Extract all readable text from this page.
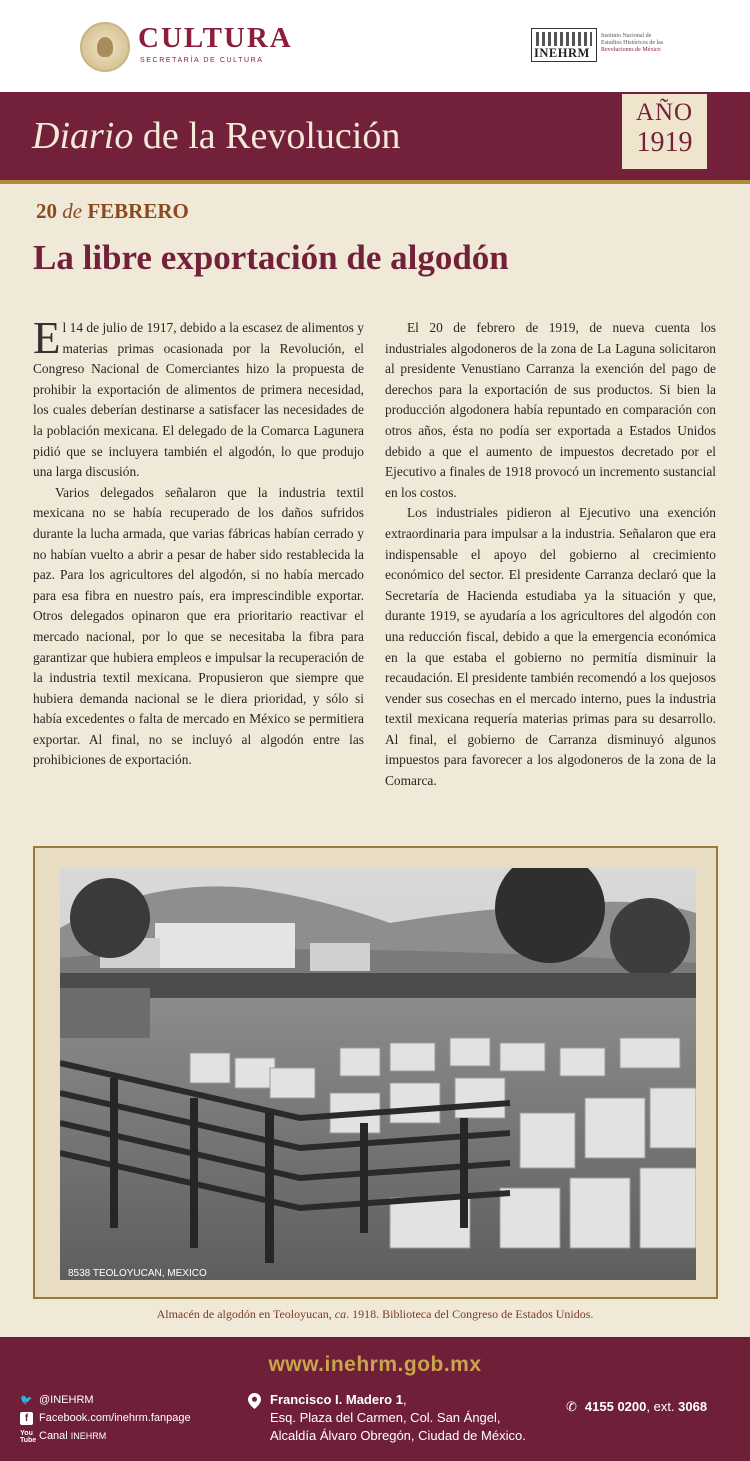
CULTURA
SECRETARÍA DE CULTURA
INEHRM
Instituto Nacional de
Estudios Históricos de las
Revoluciones de México
Diario de la Revolución
AÑO
1919
20 de FEBRERO
La libre exportación de algodón

El 14 de julio de 1917, debido a la escasez de alimentos y materias primas ocasionada por la Revolución, el Congreso Nacional de Comerciantes hizo la propuesta de prohibir la exportación de alimentos de primera necesidad, los cuales deberían destinarse a satisfacer las necesidades de la población mexicana. El delegado de la Comarca Lagunera pidió que se incluyera también el algodón, lo que produjo una larga discusión.

Varios delegados señalaron que la industria textil mexicana no se había recuperado de los daños sufridos durante la lucha armada, que varias fábricas habían cerrado y no habían vuelto a abrir a pesar de haber sido restablecida la paz. Para los agricultores del algodón, si no había mercado para esa fibra en nuestro país, era imprescindible exportar. Otros delegados opinaron que era prioritario reactivar el mercado nacional, por lo que se necesitaba la fibra para garantizar que hubiera empleos e impulsar la recuperación de la industria textil mexicana. Propusieron que siempre que hubiera demanda nacional se le diera prioridad, y sólo si había excedentes o falta de mercado en México se permitiera exportar. Al final, no se incluyó al algodón entre las prohibiciones de exportación.

El 20 de febrero de 1919, de nueva cuenta los industriales algodoneros de la zona de La Laguna solicitaron al presidente Venustiano Carranza la exención del pago de derechos para la exportación de sus productos. Si bien la producción algodonera había repuntado en comparación con otros años, ésta no podía ser exportada a Estados Unidos debido a que el aumento de impuestos decretado por el Ejecutivo a finales de 1918 provocó un incremento sustancial en los costos.

Los industriales pidieron al Ejecutivo una exención extraordinaria para impulsar a la industria. Señalaron que era indispensable el apoyo del gobierno al crecimiento económico del sector. El presidente Carranza declaró que la Secretaría de Hacienda estudiaba ya la situación y que, durante 1919, se ayudaría a los agricultores del algodón con una reducción fiscal, debido a que la emergencia económica en la que estaba el gobierno no permitía disminuir la recaudación. El presidente también recomendó a los quejosos vender sus cosechas en el mercado interno, pues la industria textil mexicana requería materias primas para su desarrollo. Al final, el gobierno de Carranza disminuyó algunos impuestos para favorecer a los algodoneros de la zona de la Comarca.

8538 TEOLOYUCAN, MEXICO
Almacén de algodón en Teoloyucan, ca. 1918. Biblioteca del Congreso de Estados Unidos.
www.inehrm.gob.mx
🐦 @INEHRM
f Facebook.com/inehrm.fanpage
You
Tube Canal INEHRM
Francisco I. Madero 1,
Esq. Plaza del Carmen, Col. San Ángel,
Alcaldía Álvaro Obregón, Ciudad de México.
✆ 4155 0200, ext. 3068
